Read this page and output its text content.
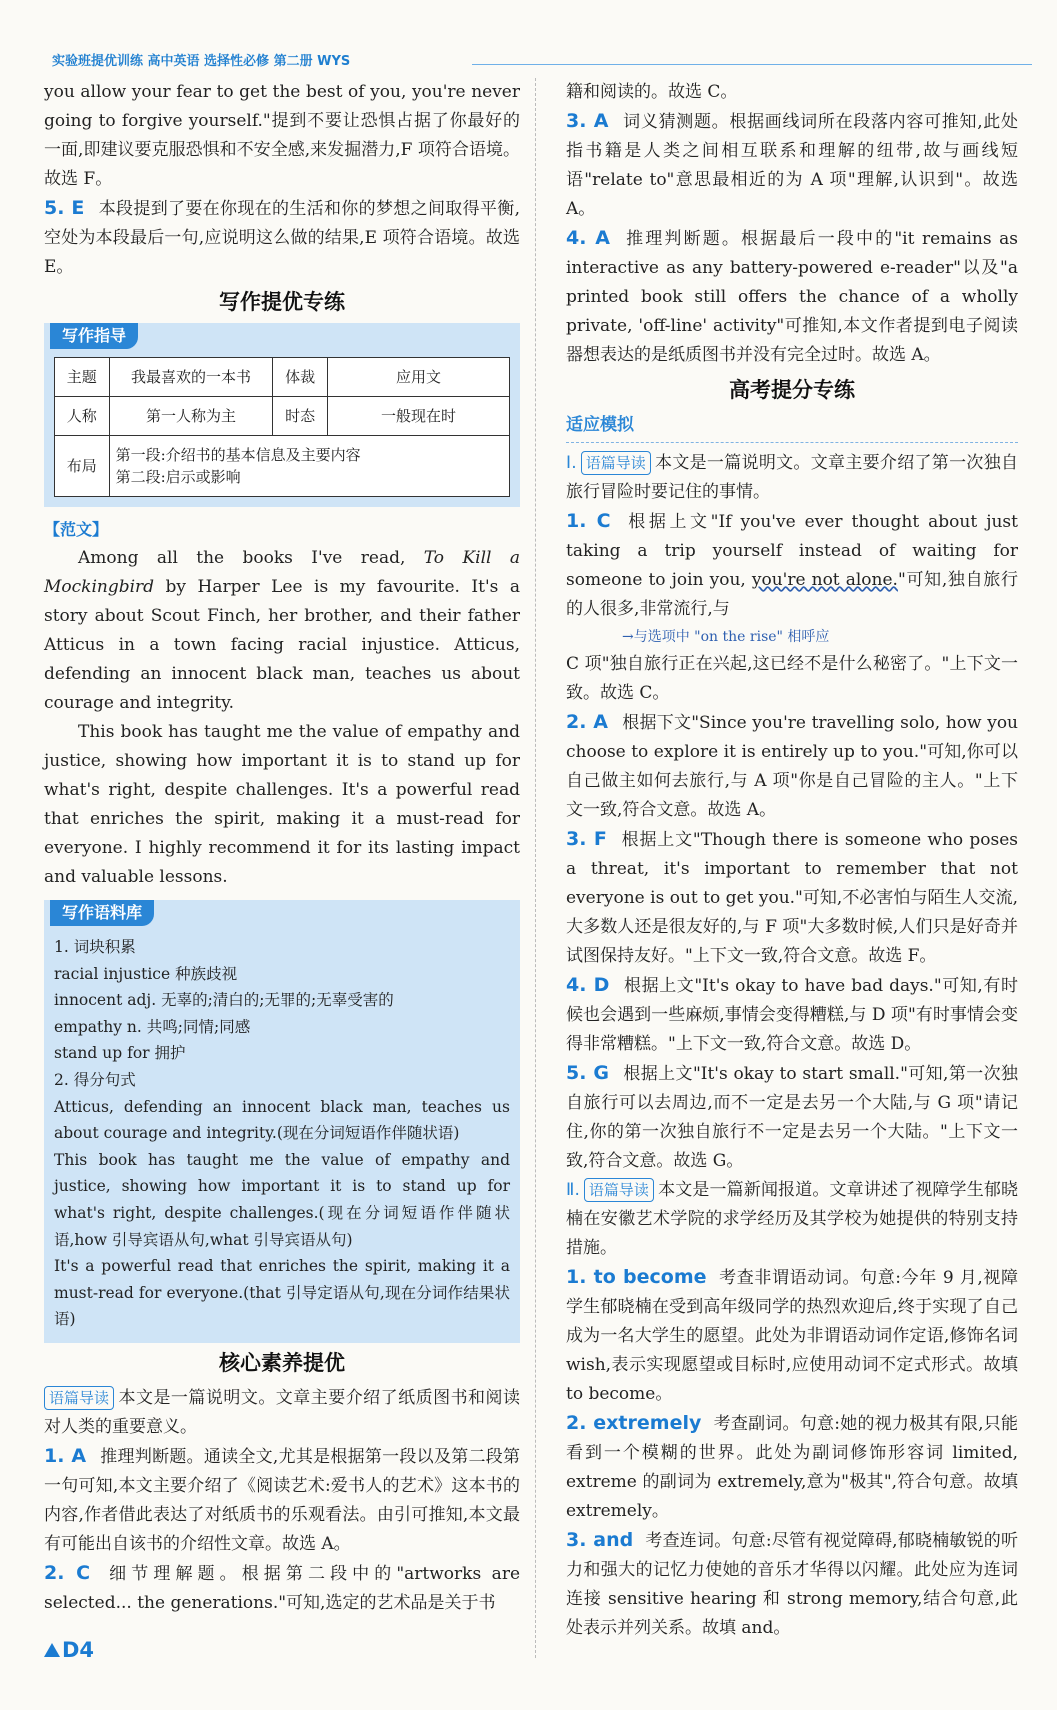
实验班提优训练 高中英语 选择性必修 第二册 WYS

you allow your fear to get the best of you, you're never going to forgive yourself."提到不要让恐惧占据了你最好的一面,即建议要克服恐惧和不安全感,来发掘潜力,F 项符合语境。故选 F。

5. E 本段提到了要在你现在的生活和你的梦想之间取得平衡,空处为本段最后一句,应说明这么做的结果,E 项符合语境。故选 E。

写作提优专练
写作指导
主题	我最喜欢的一本书	体裁	应用文
人称	第一人称为主	时态	一般现在时
布局	第一段:介绍书的基本信息及主要内容
第二段:启示或影响		
【范文】

Among all the books I've read, To Kill a Mockingbird by Harper Lee is my favourite. It's a story about Scout Finch, her brother, and their father Atticus in a town facing racial injustice. Atticus, defending an innocent black man, teaches us about courage and integrity.

This book has taught me the value of empathy and justice, showing how important it is to stand up for what's right, despite challenges. It's a powerful read that enriches the spirit, making it a must-read for everyone. I highly recommend it for its lasting impact and valuable lessons.

写作语料库
1. 词块积累
racial injustice 种族歧视
innocent adj. 无辜的;清白的;无罪的;无辜受害的
empathy n. 共鸣;同情;同感
stand up for 拥护
2. 得分句式
Atticus, defending an innocent black man, teaches us about courage and integrity.(现在分词短语作伴随状语)
This book has taught me the value of empathy and justice, showing how important it is to stand up for what's right, despite challenges.(现在分词短语作伴随状语,how 引导宾语从句,what 引导宾语从句)
It's a powerful read that enriches the spirit, making it a must-read for everyone.(that 引导定语从句,现在分词作结果状语)
核心素养提优

语篇导读 本文是一篇说明文。文章主要介绍了纸质图书和阅读对人类的重要意义。

1. A 推理判断题。通读全文,尤其是根据第一段以及第二段第一句可知,本文主要介绍了《阅读艺术:爱书人的艺术》这本书的内容,作者借此表达了对纸质书的乐观看法。由引可推知,本文最有可能出自该书的介绍性文章。故选 A。

2. C 细节理解题。根据第二段中的"artworks are selected... the generations."可知,选定的艺术品是关于书

籍和阅读的。故选 C。

3. A 词义猜测题。根据画线词所在段落内容可推知,此处指书籍是人类之间相互联系和理解的纽带,故与画线短语"relate to"意思最相近的为 A 项"理解,认识到"。故选 A。

4. A 推理判断题。根据最后一段中的"it remains as interactive as any battery-powered e-reader"以及"a printed book still offers the chance of a wholly private, 'off-line' activity"可推知,本文作者提到电子阅读器想表达的是纸质图书并没有完全过时。故选 A。

高考提分专练
适应模拟

Ⅰ. 语篇导读 本文是一篇说明文。文章主要介绍了第一次独自旅行冒险时要记住的事情。

1. C 根据上文"If you've ever thought about just taking a trip yourself instead of waiting for someone to join you, you're not alone."可知,独自旅行的人很多,非常流行,与

→与选项中 "on the rise" 相呼应

C 项"独自旅行正在兴起,这已经不是什么秘密了。"上下文一致。故选 C。

2. A 根据下文"Since you're travelling solo, how you choose to explore it is entirely up to you."可知,你可以自己做主如何去旅行,与 A 项"你是自己冒险的主人。"上下文一致,符合文意。故选 A。

3. F 根据上文"Though there is someone who poses a threat, it's important to remember that not everyone is out to get you."可知,不必害怕与陌生人交流,大多数人还是很友好的,与 F 项"大多数时候,人们只是好奇并试图保持友好。"上下文一致,符合文意。故选 F。

4. D 根据上文"It's okay to have bad days."可知,有时候也会遇到一些麻烦,事情会变得糟糕,与 D 项"有时事情会变得非常糟糕。"上下文一致,符合文意。故选 D。

5. G 根据上文"It's okay to start small."可知,第一次独自旅行可以去周边,而不一定是去另一个大陆,与 G 项"请记住,你的第一次独自旅行不一定是去另一个大陆。"上下文一致,符合文意。故选 G。

Ⅱ. 语篇导读 本文是一篇新闻报道。文章讲述了视障学生郁晓楠在安徽艺术学院的求学经历及其学校为她提供的特别支持措施。

1. to become 考查非谓语动词。句意:今年 9 月,视障学生郁晓楠在受到高年级同学的热烈欢迎后,终于实现了自己成为一名大学生的愿望。此处为非谓语动词作定语,修饰名词 wish,表示实现愿望或目标时,应使用动词不定式形式。故填 to become。

2. extremely 考查副词。句意:她的视力极其有限,只能看到一个模糊的世界。此处为副词修饰形容词 limited, extreme 的副词为 extremely,意为"极其",符合句意。故填 extremely。

3. and 考查连词。句意:尽管有视觉障碍,郁晓楠敏锐的听力和强大的记忆力使她的音乐才华得以闪耀。此处应为连词连接 sensitive hearing 和 strong memory,结合句意,此处表示并列关系。故填 and。

D4
